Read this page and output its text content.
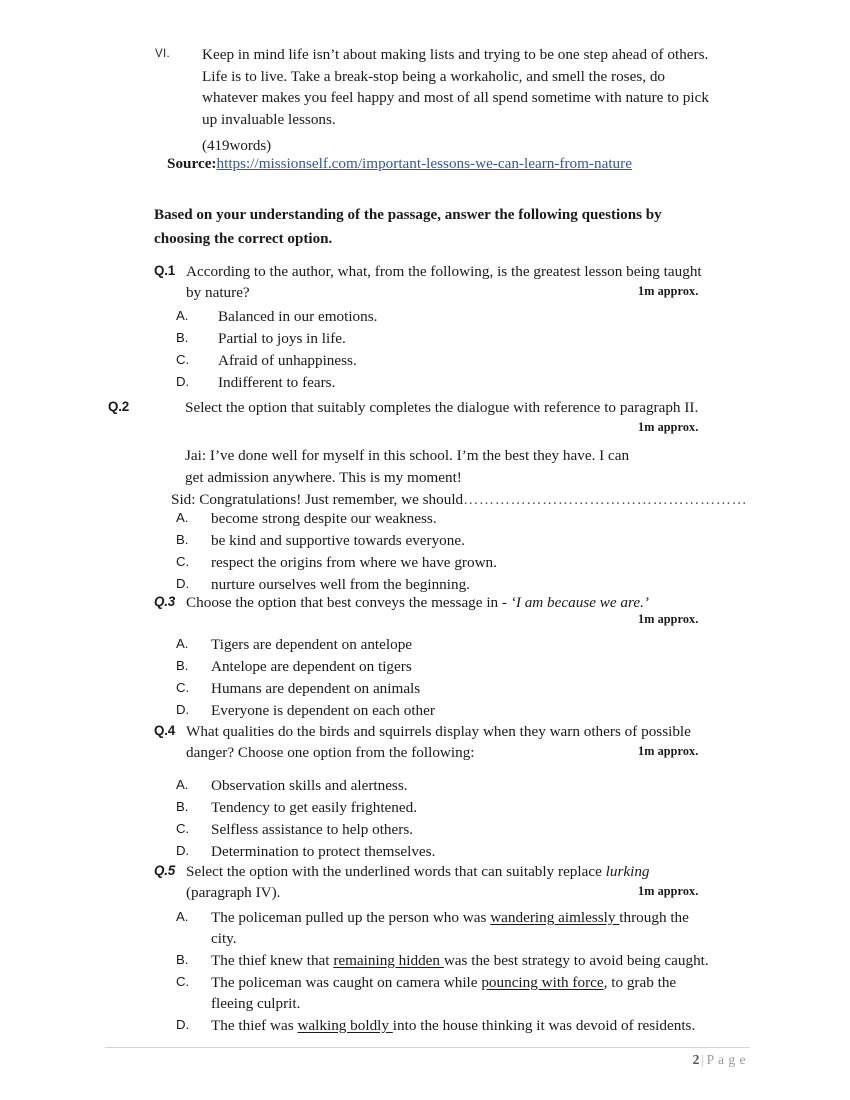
VI.	Keep in mind life isn’t about making lists and trying to be one step ahead of others. Life is to live. Take a break-stop being a workaholic, and smell the roses, do whatever makes you feel happy and most of all spend sometime with nature to pick up invaluable lessons.
(419words)
Source:https://missionself.com/important-lessons-we-can-learn-from-nature
Based on your understanding of the passage, answer the following questions by choosing the correct option.
Q.1 According to the author, what, from the following, is the greatest lesson being taught by nature?	1m approx.
A. Balanced in our emotions.
B. Partial to joys in life.
C. Afraid of unhappiness.
D. Indifferent to fears.
Q.2	Select the option that suitably completes the dialogue with reference to paragraph II.
1m approx.
Jai: I’ve done well for myself in this school. I’m the best they have. I can
get admission anywhere. This is my moment!
Sid: Congratulations! Just remember, we should………………………………………………
A. become strong despite our weakness.
B. be kind and supportive towards everyone.
C. respect the origins from where we have grown.
D. nurture ourselves well from the beginning.
Q.3 Choose the option that best conveys the message in - ‘I am because we are.’
1m approx.
A. Tigers are dependent on antelope
B. Antelope are dependent on tigers
C. Humans are dependent on animals
D. Everyone is dependent on each other
Q.4 What qualities do the birds and squirrels display when they warn others of possible danger? Choose one option from the following:	1m approx.
A. Observation skills and alertness.
B. Tendency to get easily frightened.
C. Selfless assistance to help others.
D. Determination to protect themselves.
Q.5 Select the option with the underlined words that can suitably replace lurking (paragraph IV).	1m approx.
A. The policeman pulled up the person who was wandering aimlessly through the city.
B. The thief knew that remaining hidden was the best strategy to avoid being caught.
C. The policeman was caught on camera while pouncing with force, to grab the fleeing culprit.
D. The thief was walking boldly into the house thinking it was devoid of residents.
2 | P a g e
